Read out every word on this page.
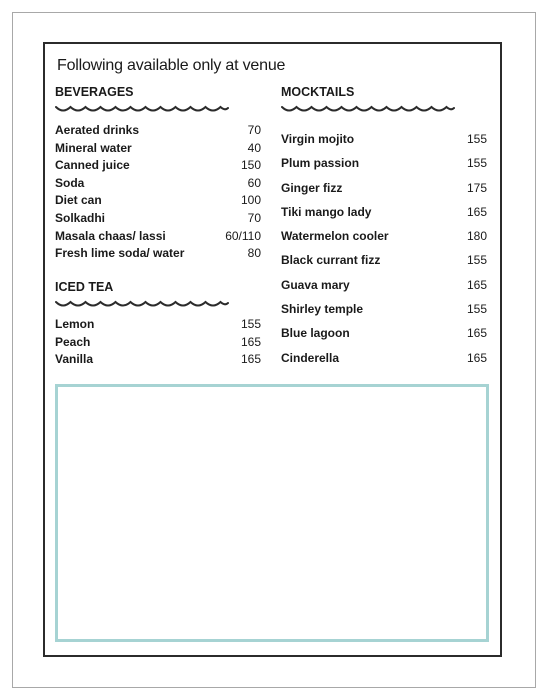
Following available only at venue
BEVERAGES
Aerated drinks	70
Mineral water	40
Canned juice	150
Soda	60
Diet can	100
Solkadhi	70
Masala chaas/ lassi	60/110
Fresh lime soda/ water	80
ICED TEA
Lemon	155
Peach	165
Vanilla	165
MOCKTAILS
Virgin mojito	155
Plum passion	155
Ginger fizz	175
Tiki mango lady	165
Watermelon cooler	180
Black currant fizz	155
Guava mary	165
Shirley temple	155
Blue lagoon	165
Cinderella	165
